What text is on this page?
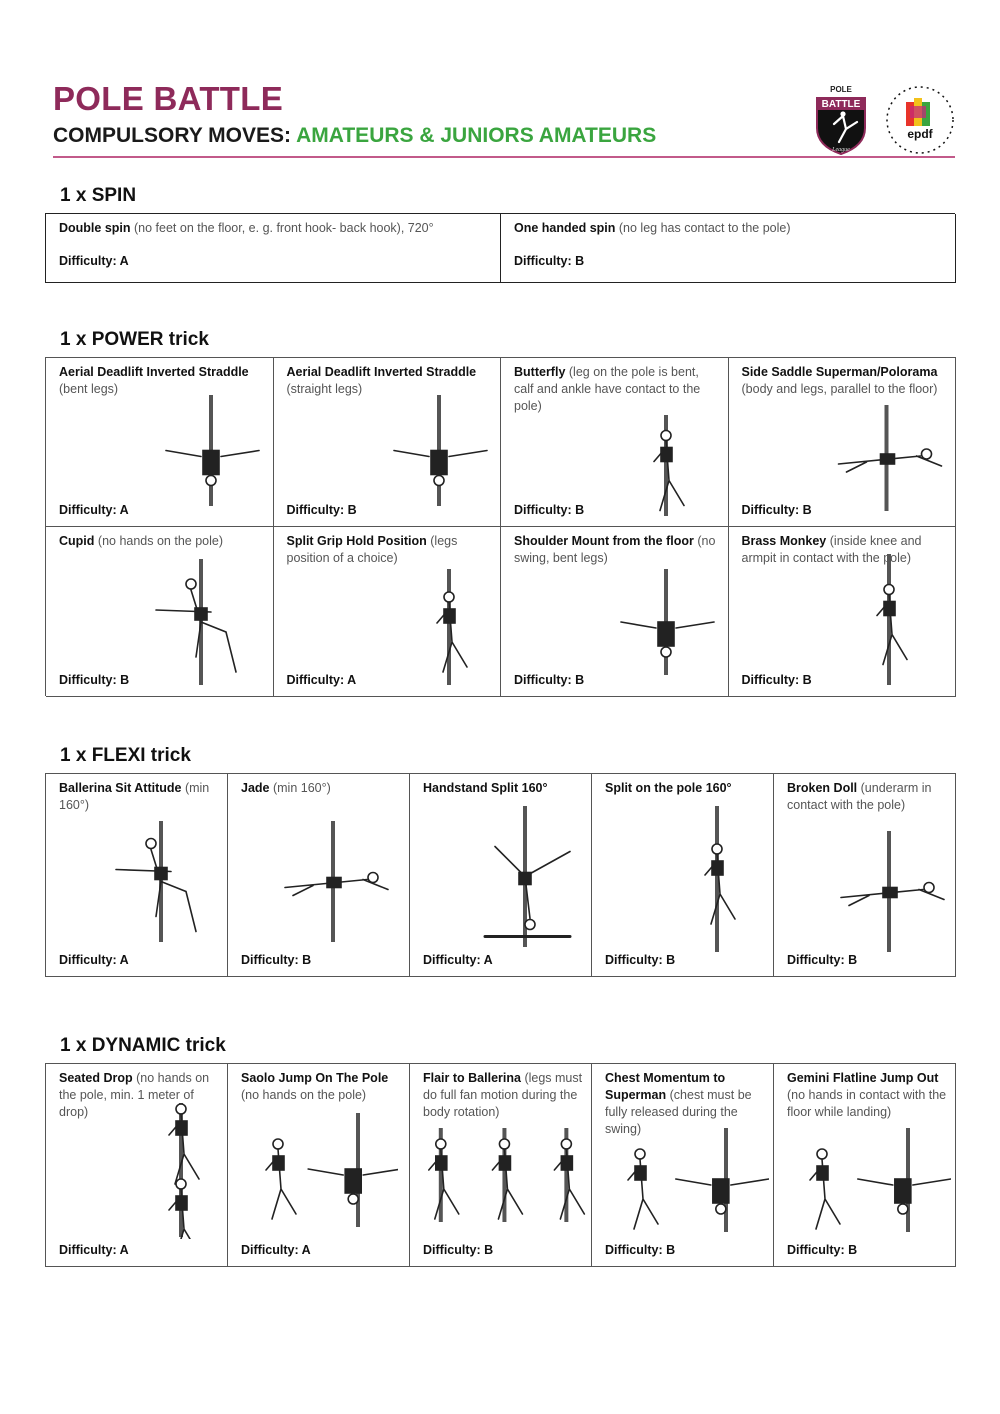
POLE BATTLE
COMPULSORY MOVES: AMATEURS & JUNIORS AMATEURS
POLE
BATTLE
League
epdf
1 x SPIN
Double spin (no feet on the floor, e. g. front hook- back hook), 720°
Difficulty: A
One handed spin (no leg has contact to the pole)
Difficulty: B
1 x POWER trick
Aerial Deadlift Inverted Straddle (bent legs)
Difficulty: A
Aerial Deadlift Inverted Straddle (straight legs)
Difficulty: B
Butterfly (leg on the pole is bent, calf and ankle have contact to the pole)
Difficulty: B
Side Saddle Superman/Polorama (body and legs, parallel to the floor)
Difficulty: B
Cupid (no hands on the pole)
Difficulty: B
Split Grip Hold Position (legs position of a choice)
Difficulty: A
Shoulder Mount from the floor (no swing, bent legs)
Difficulty: B
Brass Monkey (inside knee and armpit in contact with the pole)
Difficulty: B
1 x FLEXI trick
Ballerina Sit Attitude (min 160°)
Difficulty: A
Jade (min 160°)
Difficulty: B
Handstand Split 160°
Difficulty: A
Split on the pole 160°
Difficulty: B
Broken Doll (underarm in contact with the pole)
Difficulty: B
1 x DYNAMIC trick
Seated Drop (no hands on the pole, min. 1 meter of drop)
Difficulty: A
Saolo Jump On The Pole (no hands on the pole)
Difficulty: A
Flair to Ballerina (legs must do full fan motion during the body rotation)
Difficulty: B
Chest Momentum to Superman (chest must be fully released during the swing)
Difficulty: B
Gemini Flatline Jump Out (no hands in contact with the floor while landing)
Difficulty: B
